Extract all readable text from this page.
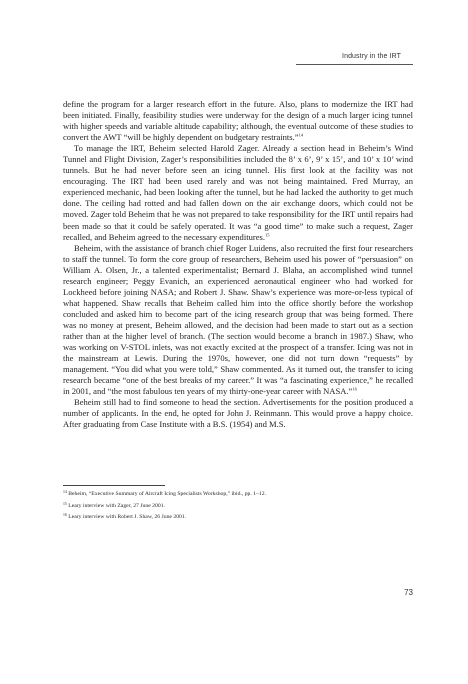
Industry in the IRT

define the program for a larger research effort in the future. Also, plans to modernize the IRT had been initiated. Finally, feasibility studies were underway for the design of a much larger icing tunnel with higher speeds and variable altitude capability; although, the eventual outcome of these studies to convert the AWT “will be highly dependent on budgetary restraints.”$^{14}$

To manage the IRT, Beheim selected Harold Zager. Already a section head in Beheim’s Wind Tunnel and Flight Division, Zager’s responsibilities included the 8’ x 6’, 9’ x 15’, and 10’ x 10’ wind tunnels. But he had never before seen an icing tunnel. His first look at the facility was not encouraging. The IRT had been used rarely and was not being maintained. Fred Murray, an experienced mechanic, had been looking after the tunnel, but he had lacked the authority to get much done. The ceiling had rotted and had fallen down on the air exchange doors, which could not be moved. Zager told Beheim that he was not prepared to take responsibility for the IRT until repairs had been made so that it could be safely operated. It was “a good time” to make such a request, Zager recalled, and Beheim agreed to the necessary expenditures.$^{15}$

Beheim, with the assistance of branch chief Roger Luidens, also recruited the first four researchers to staff the tunnel. To form the core group of researchers, Beheim used his power of “persuasion” on William A. Olsen, Jr., a talented experimentalist; Bernard J. Blaha, an accomplished wind tunnel research engineer; Peggy Evanich, an experienced aeronautical engineer who had worked for Lockheed before joining NASA; and Robert J. Shaw. Shaw’s experience was more-or-less typical of what happened. Shaw recalls that Beheim called him into the office shortly before the workshop concluded and asked him to become part of the icing research group that was being formed. There was no money at present, Beheim allowed, and the decision had been made to start out as a section rather than at the higher level of branch. (The section would become a branch in 1987.) Shaw, who was working on V-STOL inlets, was not exactly excited at the prospect of a transfer. Icing was not in the mainstream at Lewis. During the 1970s, however, one did not turn down “requests” by management. “You did what you were told,” Shaw commented. As it turned out, the transfer to icing research became “one of the best breaks of my career.” It was “a fascinating experience,” he recalled in 2001, and “the most fabulous ten years of my thirty-one-year career with NASA.”$^{16}$

Beheim still had to find someone to head the section. Advertisements for the position produced a number of applicants. In the end, he opted for John J. Reinmann. This would prove a happy choice. After graduating from Case Institute with a B.S. (1954) and M.S.

$^{14}$ Beheim, “Executive Summary of Aircraft Icing Specialists Workshop,” ibid., pp. 1–12.

$^{15}$ Leary interview with Zager, 27 June 2001.

$^{16}$ Leary interview with Robert J. Shaw, 26 June 2001.

73
